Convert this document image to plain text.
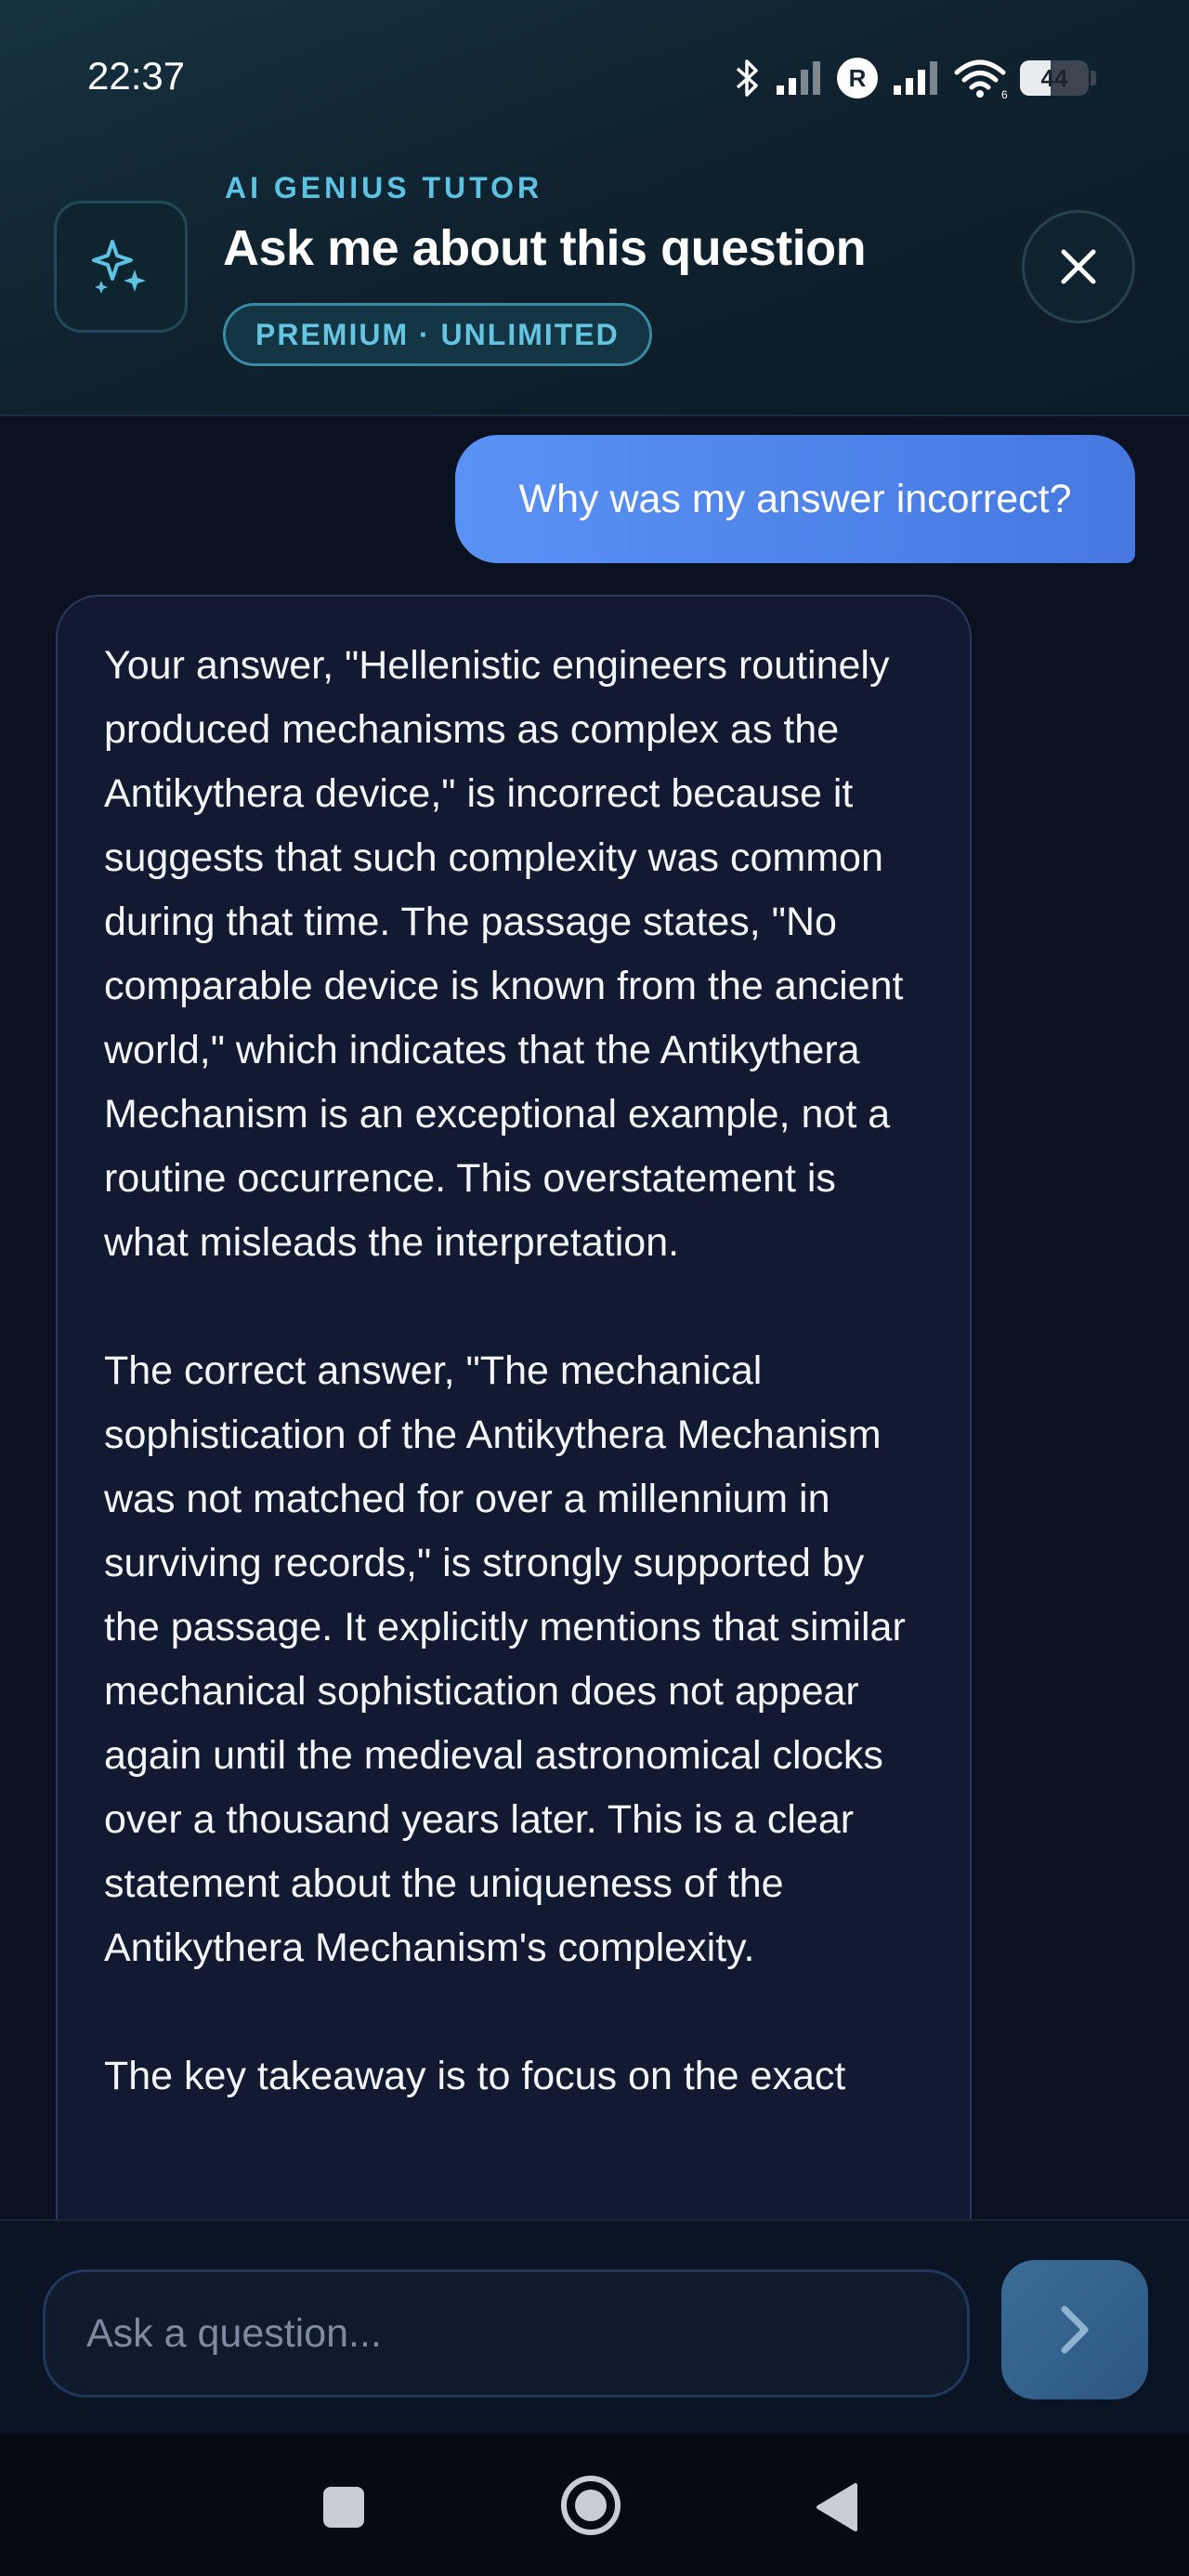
22:37	R
6
44
AI GENIUS TUTOR
Ask me about this question
PREMIUM · UNLIMITED
Why was my answer incorrect?

Your answer, "Hellenistic engineers routinely produced mechanisms as complex as the Antikythera device," is incorrect because it suggests that such complexity was common during that time. The passage states, "No comparable device is known from the ancient world," which indicates that the Antikythera Mechanism is an exceptional example, not a routine occurrence. This overstatement is what misleads the interpretation.

The correct answer, "The mechanical sophistication of the Antikythera Mechanism was not matched for over a millennium in surviving records," is strongly supported by the passage. It explicitly mentions that similar mechanical sophistication does not appear again until the medieval astronomical clocks over a thousand years later. This is a clear statement about the uniqueness of the Antikythera Mechanism's complexity.

The key takeaway is to focus on the exact

Ask a question...
